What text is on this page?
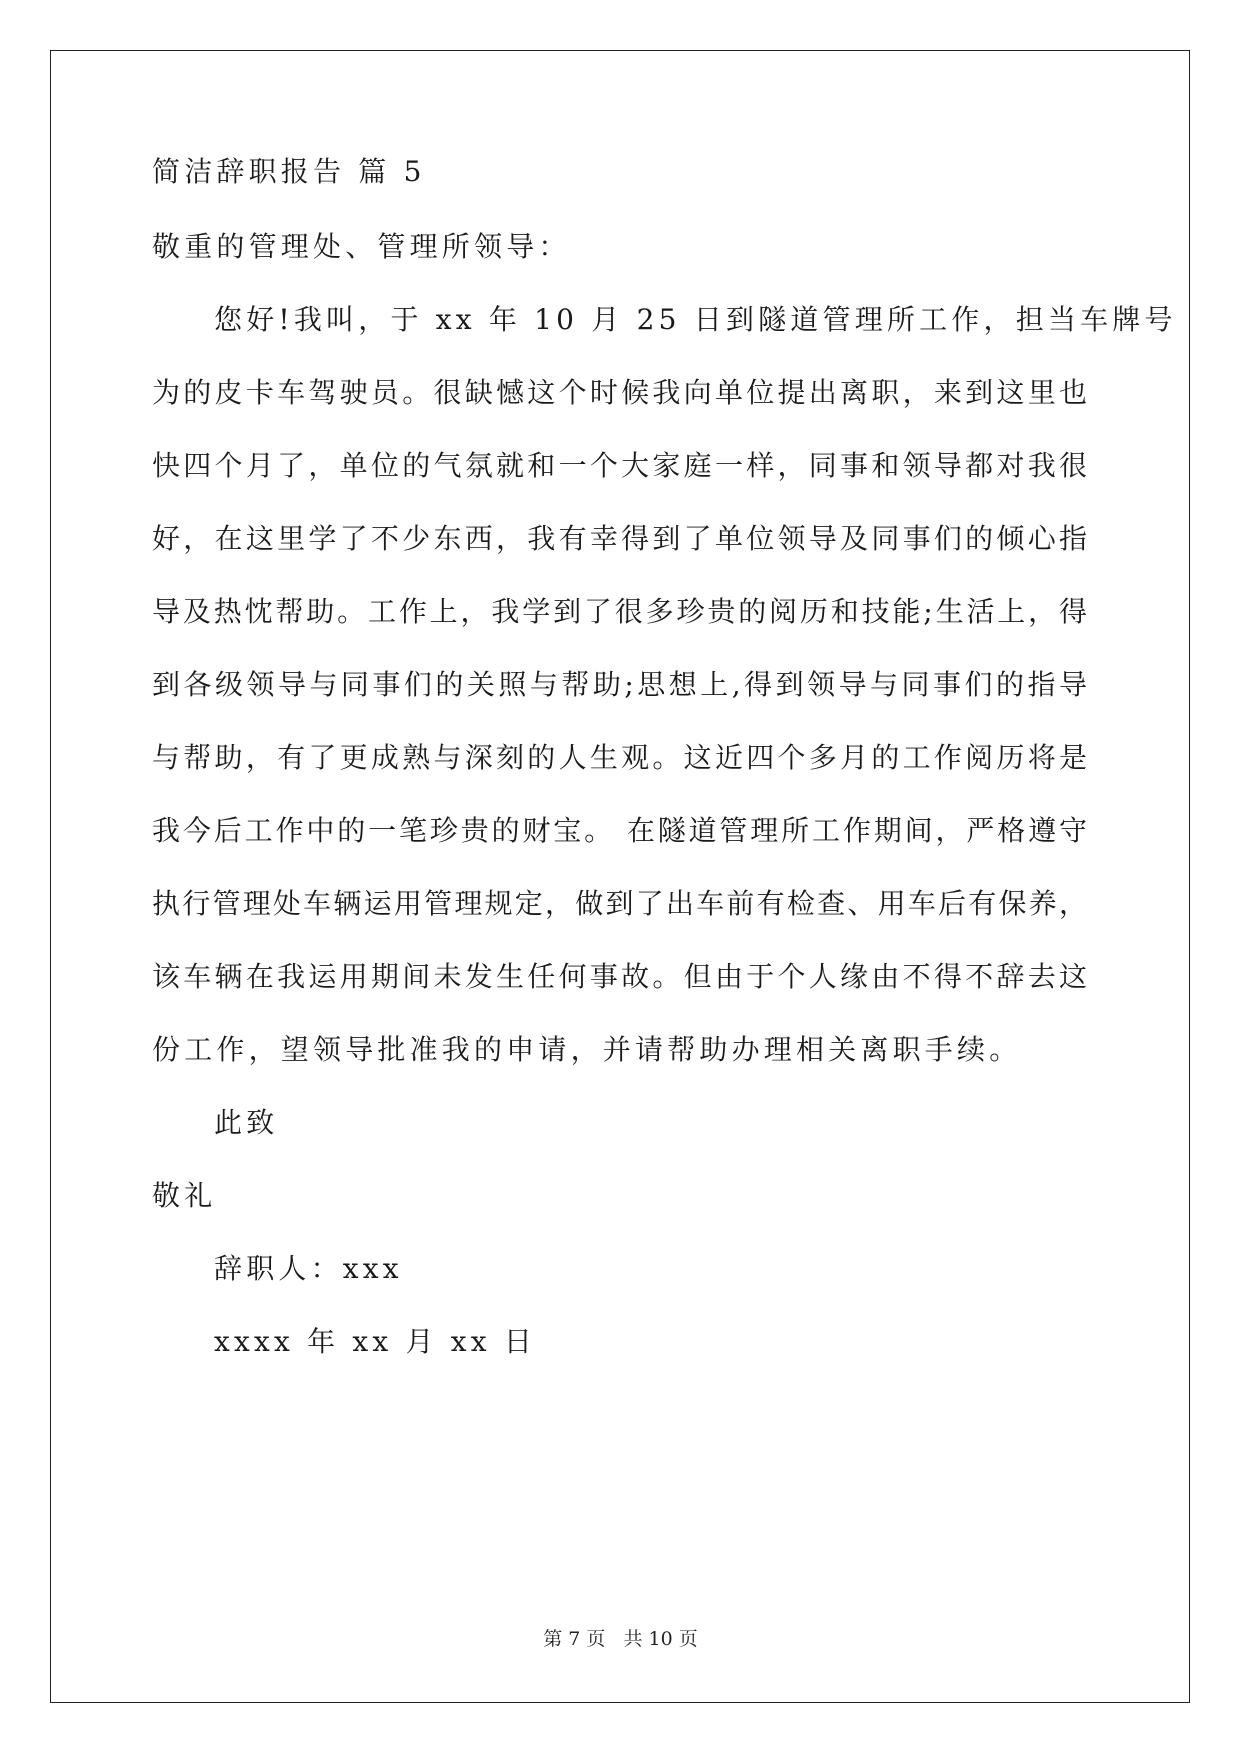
简洁辞职报告 篇 5
敬重的管理处、管理所领导：
您好!我叫，于 xx 年 10 月 25 日到隧道管理所工作，担当车牌号
为的皮卡车驾驶员。很缺憾这个时候我向单位提出离职，来到这里也
快四个月了，单位的气氛就和一个大家庭一样，同事和领导都对我很
好，在这里学了不少东西，我有幸得到了单位领导及同事们的倾心指
导及热忱帮助。工作上，我学到了很多珍贵的阅历和技能;生活上，得
到各级领导与同事们的关照与帮助;思想上,得到领导与同事们的指导
与帮助，有了更成熟与深刻的人生观。这近四个多月的工作阅历将是
我今后工作中的一笔珍贵的财宝。 在隧道管理所工作期间，严格遵守
执行管理处车辆运用管理规定，做到了出车前有检查、用车后有保养，
该车辆在我运用期间未发生任何事故。但由于个人缘由不得不辞去这
份工作，望领导批准我的申请，并请帮助办理相关离职手续。
此致
敬礼
辞职人：xxx
xxxx 年 xx 月 xx 日
第 7 页   共 10 页
